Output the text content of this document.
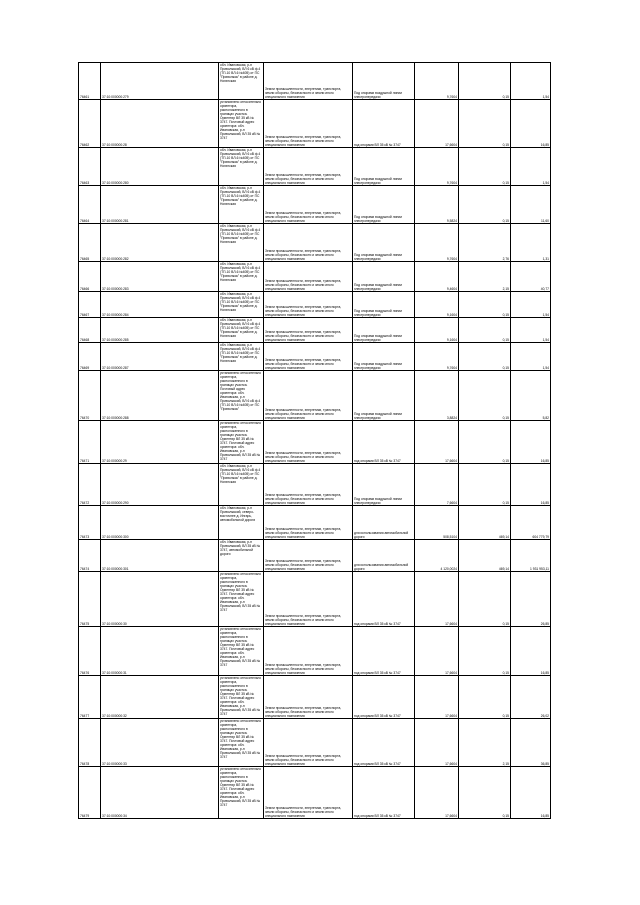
76461	37:10:000000:279	обл. Ивановская, р-н Приволжский, ВЛ 6 кВ ф.4 (ТП-10 ВЛ-6 №605) от ПС "Приволжск" в районе д. Ногинская	Земли промышленности, энергетики, транспорта, земли обороны, безопасности и земли иного специального назначения	Под опорами воздушной линии электропередачи	9,7604	0,15	1,54
76462	37:10:000000:28	установлено относительно ориентира, расположенного в границах участка. Ориентир ВЛ 35 кВ № 3747. Почтовый адрес ориентира: обл. Ивановская, р-н Приволжский, ВЛ 35 кВ № 3747	Земли промышленности, энергетики, транспорта, земли обороны, безопасности и земли иного специального назначения	под опорами ВЛ 35 кВ № 3747	17,6604	0,15	16,85
76463	37:10:000000:280	обл. Ивановская, р-н Приволжский, ВЛ 6 кВ ф.4 (ТП-10 ВЛ-6 №605) от ПС "Приволжск" в районе д. Ногинская	Земли промышленности, энергетики, транспорта, земли обороны, безопасности и земли иного специального назначения	Под опорами воздушной линии электропередачи	9,7604	0,15	1,54
76464	37:10:000000:281	обл. Ивановская, р-н Приволжский, ВЛ 6 кВ ф.4 (ТП-10 ВЛ-6 №605) от ПС "Приволжск" в районе д. Ногинская	Земли промышленности, энергетики, транспорта, земли обороны, безопасности и земли иного специального назначения	Под опорами воздушной линии электропередачи	9,5824	0,15	11,60
76465	37:10:000000:282	обл. Ивановская, р-н Приволжский, ВЛ 6 кВ ф.4 (ТП-10 ВЛ-6 №605) от ПС "Приволжск" в районе д. Ногинская	Земли промышленности, энергетики, транспорта, земли обороны, безопасности и земли иного специального назначения	Под опорами воздушной линии электропередачи	9,7604	2,76	1,31
76466	37:10:000000:283	обл. Ивановская, р-н Приволжский, ВЛ 6 кВ ф.4 (ТП-10 ВЛ-6 №605) от ПС "Приволжск" в районе д. Ногинская	Земли промышленности, энергетики, транспорта, земли обороны, безопасности и земли иного специального назначения	Под опорами воздушной линии электропередачи	9,4604	2,15	40,77
76467	37:10:000000:284	обл. Ивановская, р-н Приволжский, ВЛ 6 кВ ф.4 (ТП-10 ВЛ-6 №605) от ПС "Приволжск" в районе д. Ногинская	Земли промышленности, энергетики, транспорта, земли обороны, безопасности и земли иного специального назначения	Под опорами воздушной линии электропередачи	9,1604	0,15	1,54
76468	37:10:000000:285	обл. Ивановская, р-н Приволжский, ВЛ 6 кВ ф.4 (ТП-10 ВЛ-6 №605) от ПС "Приволжск" в районе д. Ногинская	Земли промышленности, энергетики, транспорта, земли обороны, безопасности и земли иного специального назначения	Под опорами воздушной линии электропередачи	9,1604	0,15	1,54
76469	37:10:000000:287	обл. Ивановская, р-н Приволжский, ВЛ 6 кВ ф.4 (ТП-10 ВЛ-6 №605) от ПС "Приволжск" в районе д. Ногинская	Земли промышленности, энергетики, транспорта, земли обороны, безопасности и земли иного специального назначения	Под опорами воздушной линии электропередачи	9,7604	0,15	1,54
76470	37:10:000000:288	установлено относительно ориентира, расположенного в границах участка. Почтовый адрес ориентира: обл. Ивановская, р-н Приволжский, ВЛ 6 кВ ф.4 (ТП-10 ВЛ-6 №605) от ПС "Приволжск"	Земли промышленности, энергетики, транспорта, земли обороны, безопасности и земли иного специального назначения	Под опорами воздушной линии электропередачи	3,8824	0,15	5,82
76471	37:10:000000:29	установлено относительно ориентира, расположенного в границах участка. Ориентир ВЛ 35 кВ № 3747. Почтовый адрес ориентира: обл. Ивановская, р-н Приволжский, ВЛ 35 кВ № 3747	Земли промышленности, энергетики, транспорта, земли обороны, безопасности и земли иного специального назначения	под опорами ВЛ 35 кВ № 3747	17,6604	0,15	16,85
76472	37:10:000000:290	обл. Ивановская, р-н Приволжский, ВЛ 6 кВ ф.4 (ТП-10 ВЛ-6 №605) от ПС "Приволжск" в районе д. Ногинская	Земли промышленности, энергетики, транспорта, земли обороны, безопасности и земли иного специального назначения	Под опорами воздушной линии электропередачи	7,6604	0,15	16,85
76473	37:10:000000:300	обл. Ивановская, р-н Приволжский, северо-восточнее д. Ингарь, автомобильной дороги	Земли промышленности, энергетики, транспорта, земли обороны, безопасности и земли иного специального назначения	для использования автомобильной дороги	508,5104	469,14	604 779,79
76474	37:10:000000:301	обл. Ивановская, р-н Приволжский, ВЛ 35 кВ № 3747, автомобильной дороги	Земли промышленности, энергетики, транспорта, земли обороны, безопасности и земли иного специального назначения	для использования автомобильной дороги	4 120,0024	469,14	1 931 953,11
76475	37:10:000000:30	установлено относительно ориентира, расположенного в границах участка. Ориентир ВЛ 35 кВ № 3747. Почтовый адрес ориентира: обл. Ивановская, р-н Приволжский, ВЛ 35 кВ № 3747	Земли промышленности, энергетики, транспорта, земли обороны, безопасности и земли иного специального назначения	под опорами ВЛ 35 кВ № 3747	17,6604	0,15	26,85
76476	37:10:000000:31	установлено относительно ориентира, расположенного в границах участка. Ориентир ВЛ 35 кВ № 3747. Почтовый адрес ориентира: обл. Ивановская, р-н Приволжский, ВЛ 35 кВ № 3747	Земли промышленности, энергетики, транспорта, земли обороны, безопасности и земли иного специального назначения	под опорами ВЛ 35 кВ № 3747	17,6604	0,15	16,85
76477	37:10:000000:32	установлено относительно ориентира, расположенного в границах участка. Ориентир ВЛ 35 кВ № 3747. Почтовый адрес ориентира: обл. Ивановская, р-н Приволжский, ВЛ 35 кВ № 3747	Земли промышленности, энергетики, транспорта, земли обороны, безопасности и земли иного специального назначения	под опорами ВЛ 35 кВ № 3747	17,6604	0,15	26,02
76478	37:10:000000:33	установлено относительно ориентира, расположенного в границах участка. Ориентир ВЛ 35 кВ № 3747. Почтовый адрес ориентира: обл. Ивановская, р-н Приволжский, ВЛ 35 кВ № 3747	Земли промышленности, энергетики, транспорта, земли обороны, безопасности и земли иного специального назначения	под опорами ВЛ 35 кВ № 3747	17,6604	2,15	36,85
76479	37:10:000000:34	установлено относительно ориентира, расположенного в границах участка. Ориентир ВЛ 35 кВ № 3747. Почтовый адрес ориентира: обл. Ивановская, р-н Приволжский, ВЛ 35 кВ № 3747	Земли промышленности, энергетики, транспорта, земли обороны, безопасности и земли иного специального назначения	под опорами ВЛ 35 кВ № 3747	17,6604	0,15	16,85
